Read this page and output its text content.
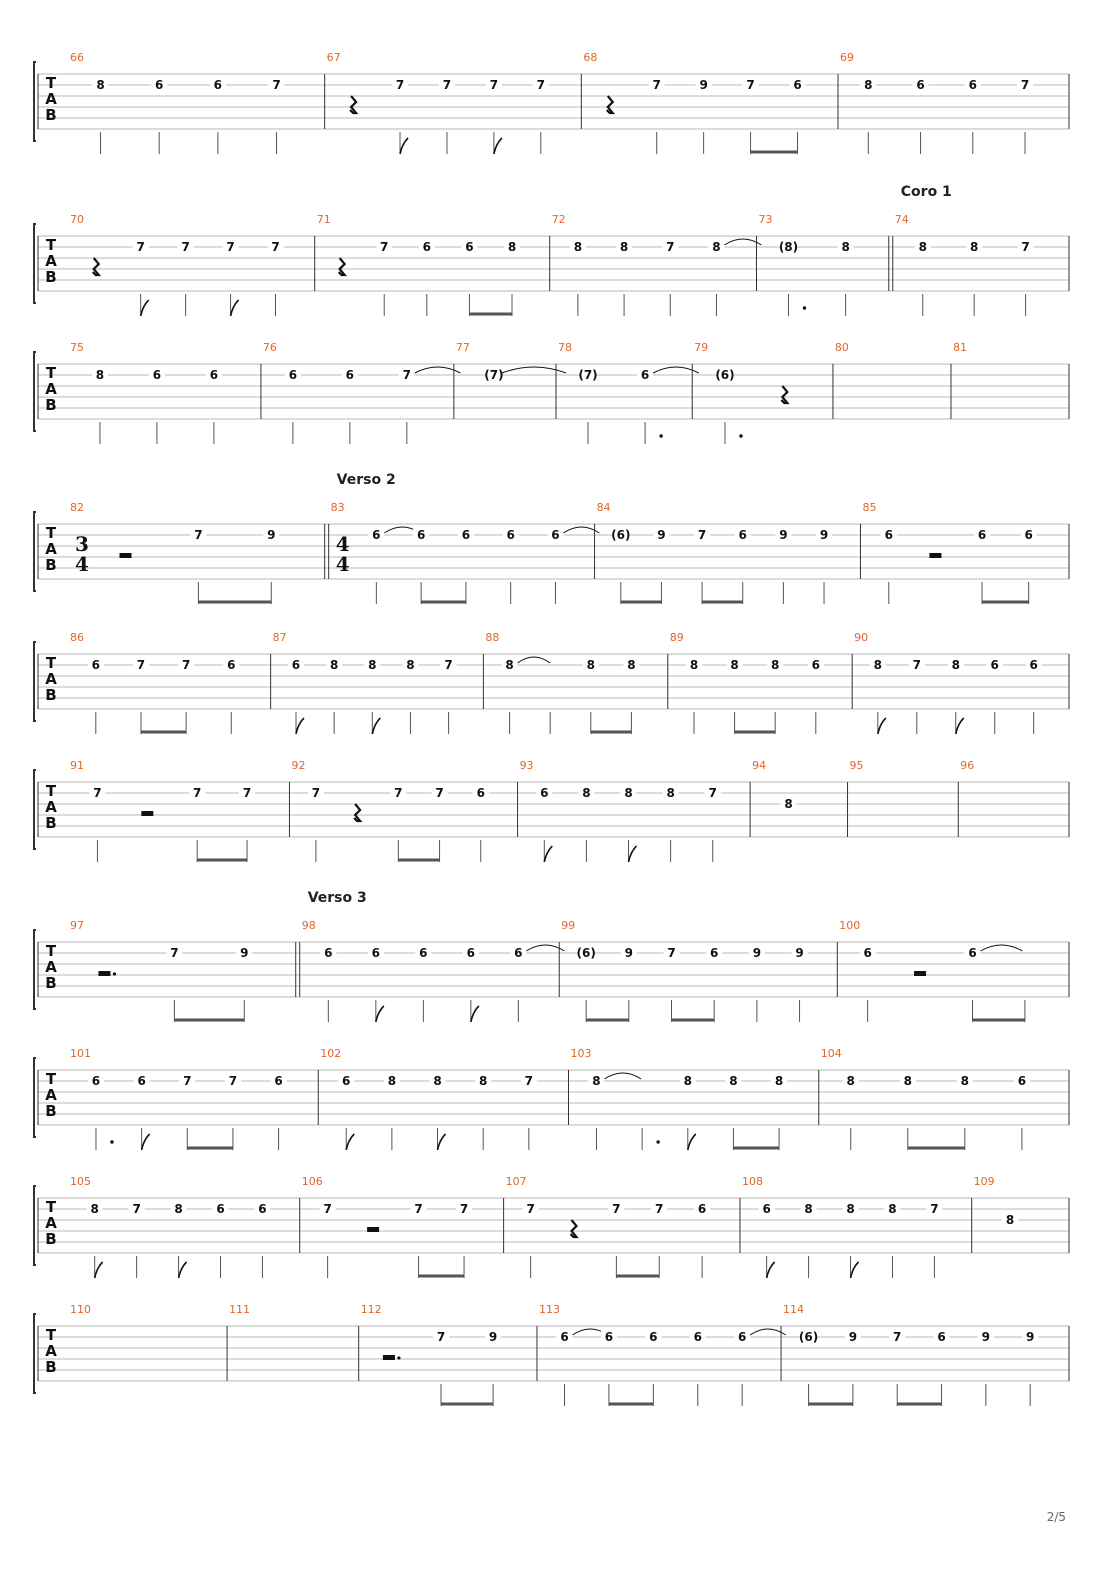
T
A
B
66
8	6	6	7
67
7	7	7	7
68
7	9	7	6
69
8	6	6	7
T
A
B
70
7	7	7	7
71
7	6	6	8
72
8	8	7	8
73
(8)	8
74
Coro 1
8	8	7
T
A
B
75
8	6	6
76
6	6	7
77
(7)
78
(7)	6
79
(6)
80	81
T
A
B
82
3
4
7	9
83
Verso 2
4
4
6	6	6	6	6
84
(6) 9	7	6	9	9
85
6	6	6
T
A
B
86
6	7	7	6
87
6 8 8 8 7
88
8	8	8
89
8	8	8	6
90
8	7	8	6	6
T
A
B
91
7	7	7
92
7	7	7	6
93
6	8	8	8	7
94
8
95	96
T
A
B
97
7	9
98
Verso 3
6	6	6	6	6
99
(6) 9	7	6	9	9
100
6	6
T
A
B
101
6	6	7	7	6
102
6	8	8	8	7
103
8	8	8	8
104
8	8	8	6
T
A
B
105
8	7	8	6	6
106
7	7	7
107
7	7	7	6
108
6	8	8	8	7
109
8
T
A
B
110	111	112
7	9
113
6	6	6	6	6
114
(6)	9	7	6	9	9
2/5
